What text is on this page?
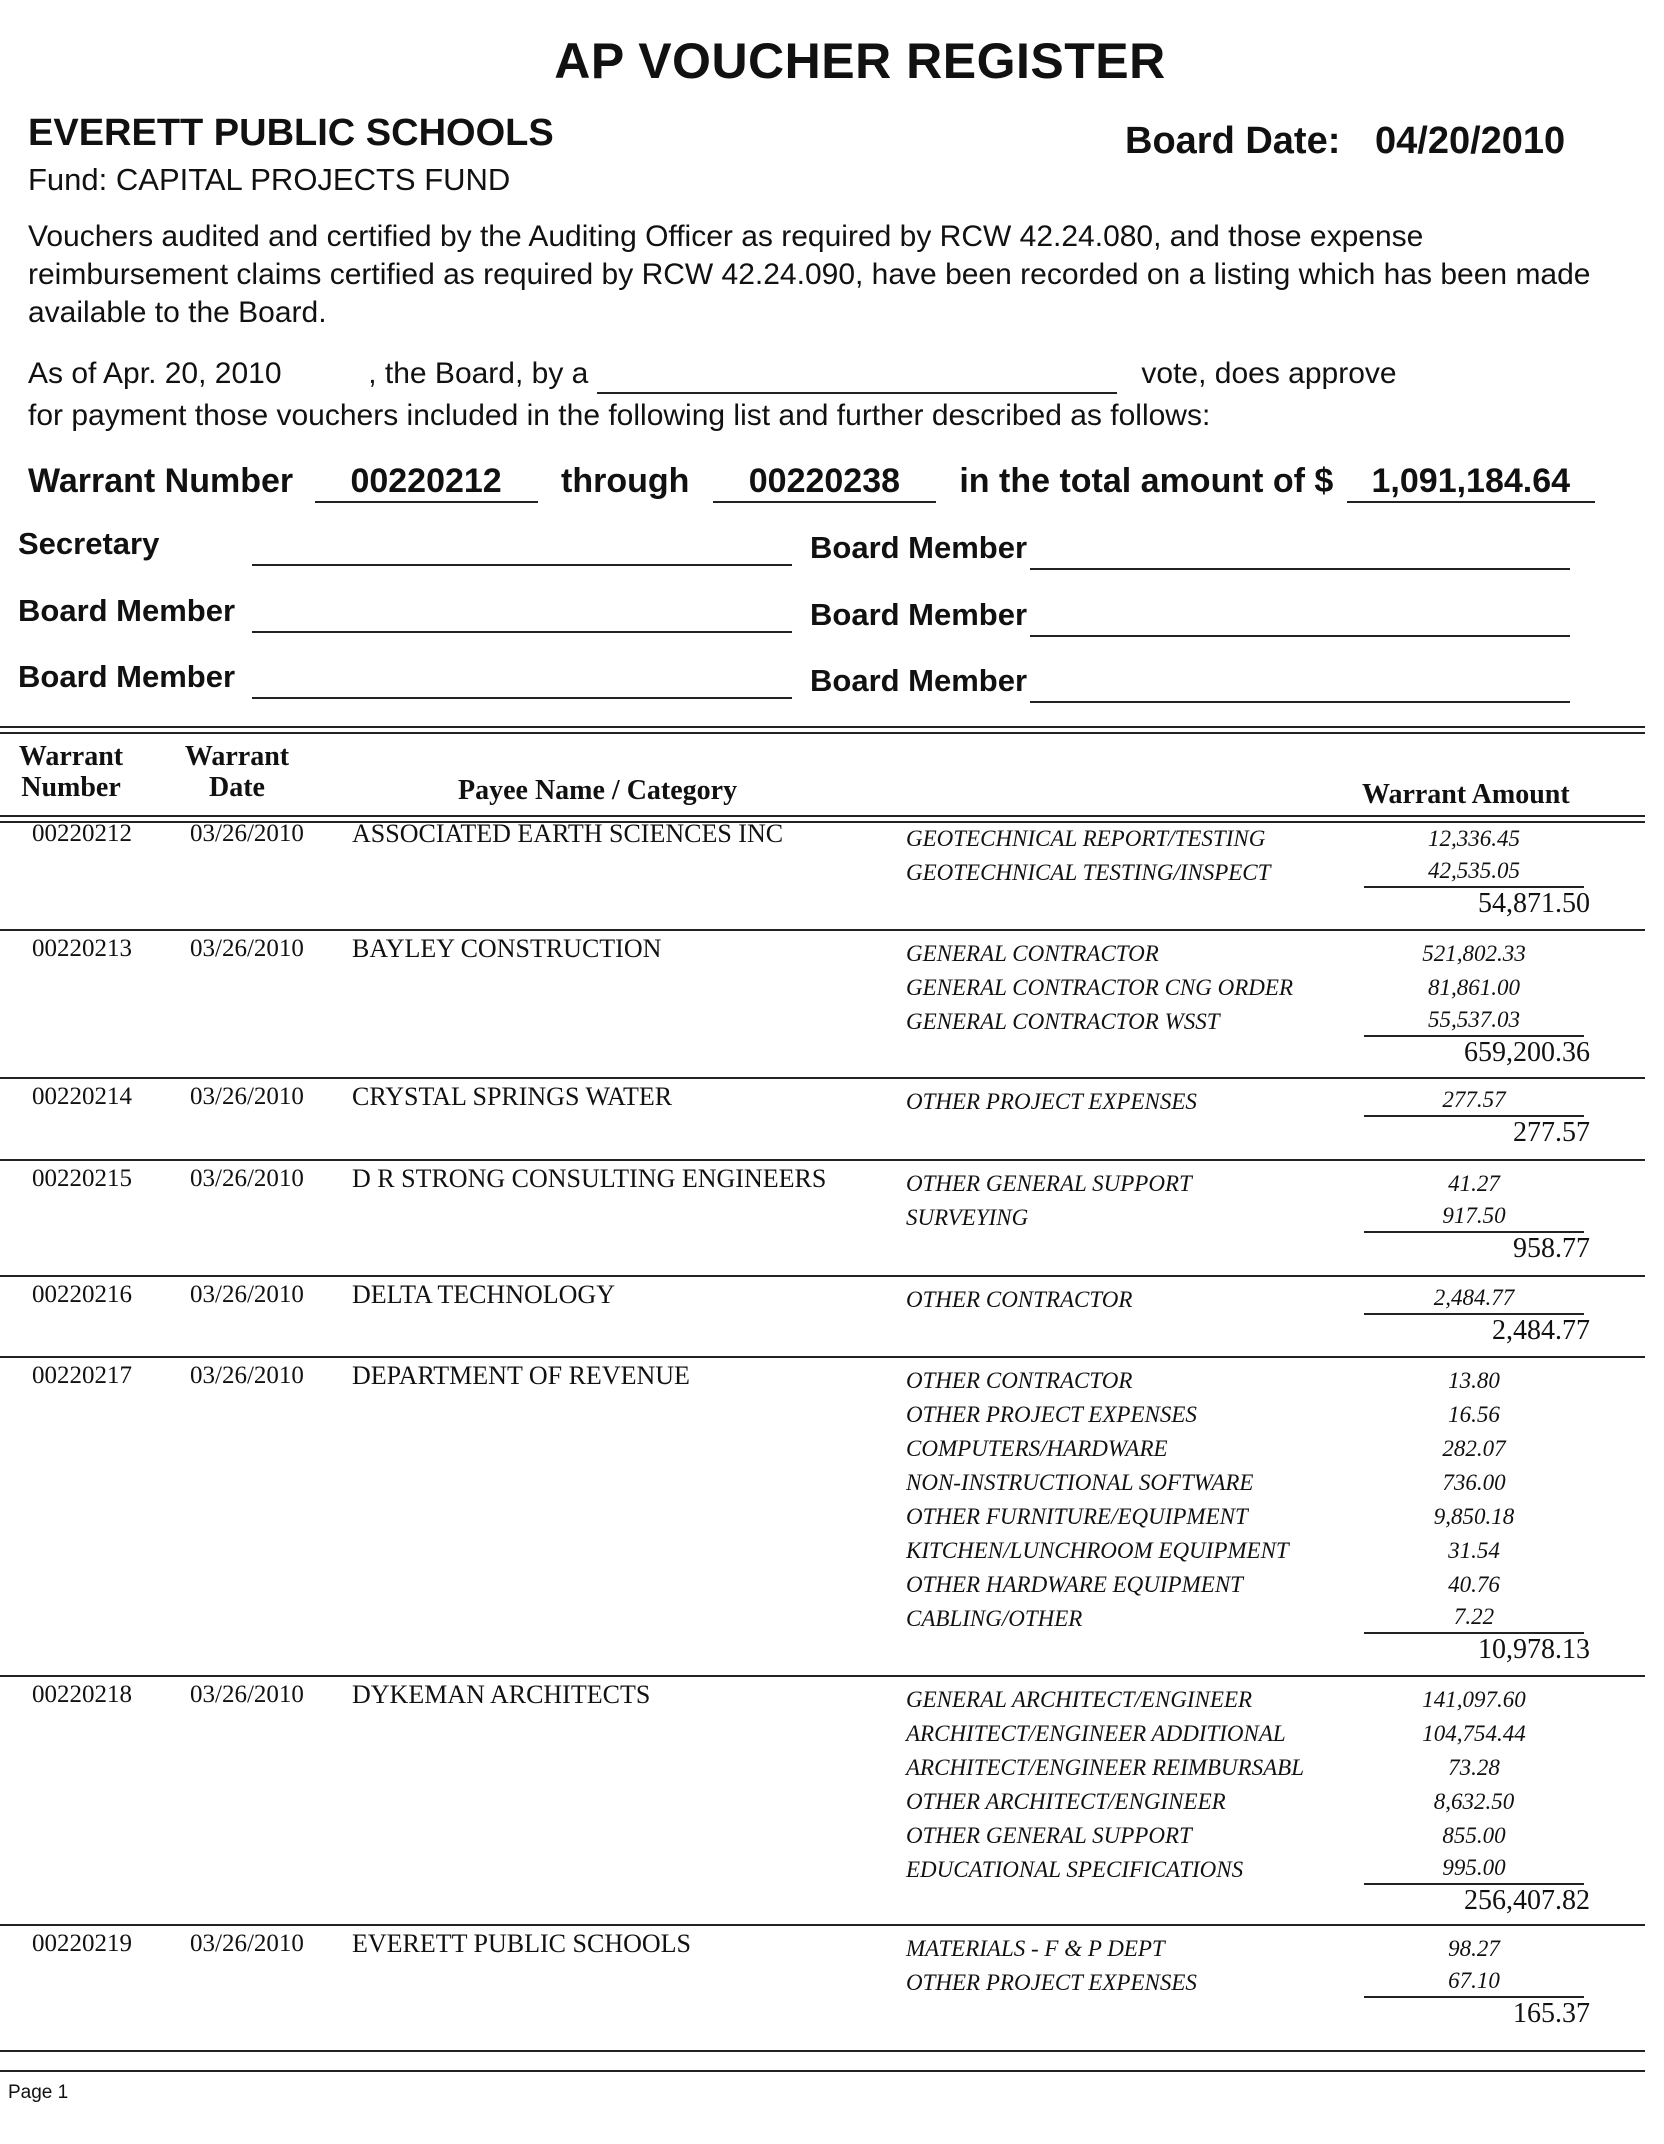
AP VOUCHER REGISTER
EVERETT PUBLIC SCHOOLS
Fund: CAPITAL PROJECTS FUND
Board Date: 04/20/2010
Vouchers audited and certified by the Auditing Officer as required by RCW 42.24.080, and those expense reimbursement claims certified as required by RCW 42.24.090, have been recorded on a listing which has been made available to the Board.
As of Apr. 20, 2010	, the Board, by a	vote, does approve
for payment those vouchers included in the following list and further described as follows:
Warrant Number 00220212 through 00220238 in the total amount of $ 1,091,184.64
Secretary	Board Member
Board Member	Board Member
Board Member	Board Member
Warrant Number
Warrant Date	Payee Name / Category	Warrant Amount
00220212 03/26/2010 ASSOCIATED EARTH SCIENCES INC	GEOTECHNICAL REPORT/TESTING	12,336.45
GEOTECHNICAL TESTING/INSPECT	42,535.05
54,871.50
00220213 03/26/2010 BAYLEY CONSTRUCTION	GENERAL CONTRACTOR	521,802.33
GENERAL CONTRACTOR CNG ORDER	81,861.00
GENERAL CONTRACTOR WSST	55,537.03
659,200.36
00220214 03/26/2010 CRYSTAL SPRINGS WATER	OTHER PROJECT EXPENSES	277.57
277.57
00220215 03/26/2010 D R STRONG CONSULTING ENGINEERS	OTHER GENERAL SUPPORT	41.27
SURVEYING	917.50
958.77
00220216 03/26/2010 DELTA TECHNOLOGY	OTHER CONTRACTOR	2,484.77
2,484.77
00220217 03/26/2010 DEPARTMENT OF REVENUE	OTHER CONTRACTOR	13.80
OTHER PROJECT EXPENSES	16.56
COMPUTERS/HARDWARE	282.07
NON-INSTRUCTIONAL SOFTWARE	736.00
OTHER FURNITURE/EQUIPMENT	9,850.18
KITCHEN/LUNCHROOM EQUIPMENT	31.54
OTHER HARDWARE EQUIPMENT	40.76
CABLING/OTHER	7.22
10,978.13
00220218 03/26/2010 DYKEMAN ARCHITECTS	GENERAL ARCHITECT/ENGINEER	141,097.60
ARCHITECT/ENGINEER ADDITIONAL	104,754.44
ARCHITECT/ENGINEER REIMBURSABL	73.28
OTHER ARCHITECT/ENGINEER	8,632.50
OTHER GENERAL SUPPORT	855.00
EDUCATIONAL SPECIFICATIONS	995.00
256,407.82
00220219 03/26/2010 EVERETT PUBLIC SCHOOLS	MATERIALS - F & P DEPT	98.27
OTHER PROJECT EXPENSES	67.10
165.37
Page 1
